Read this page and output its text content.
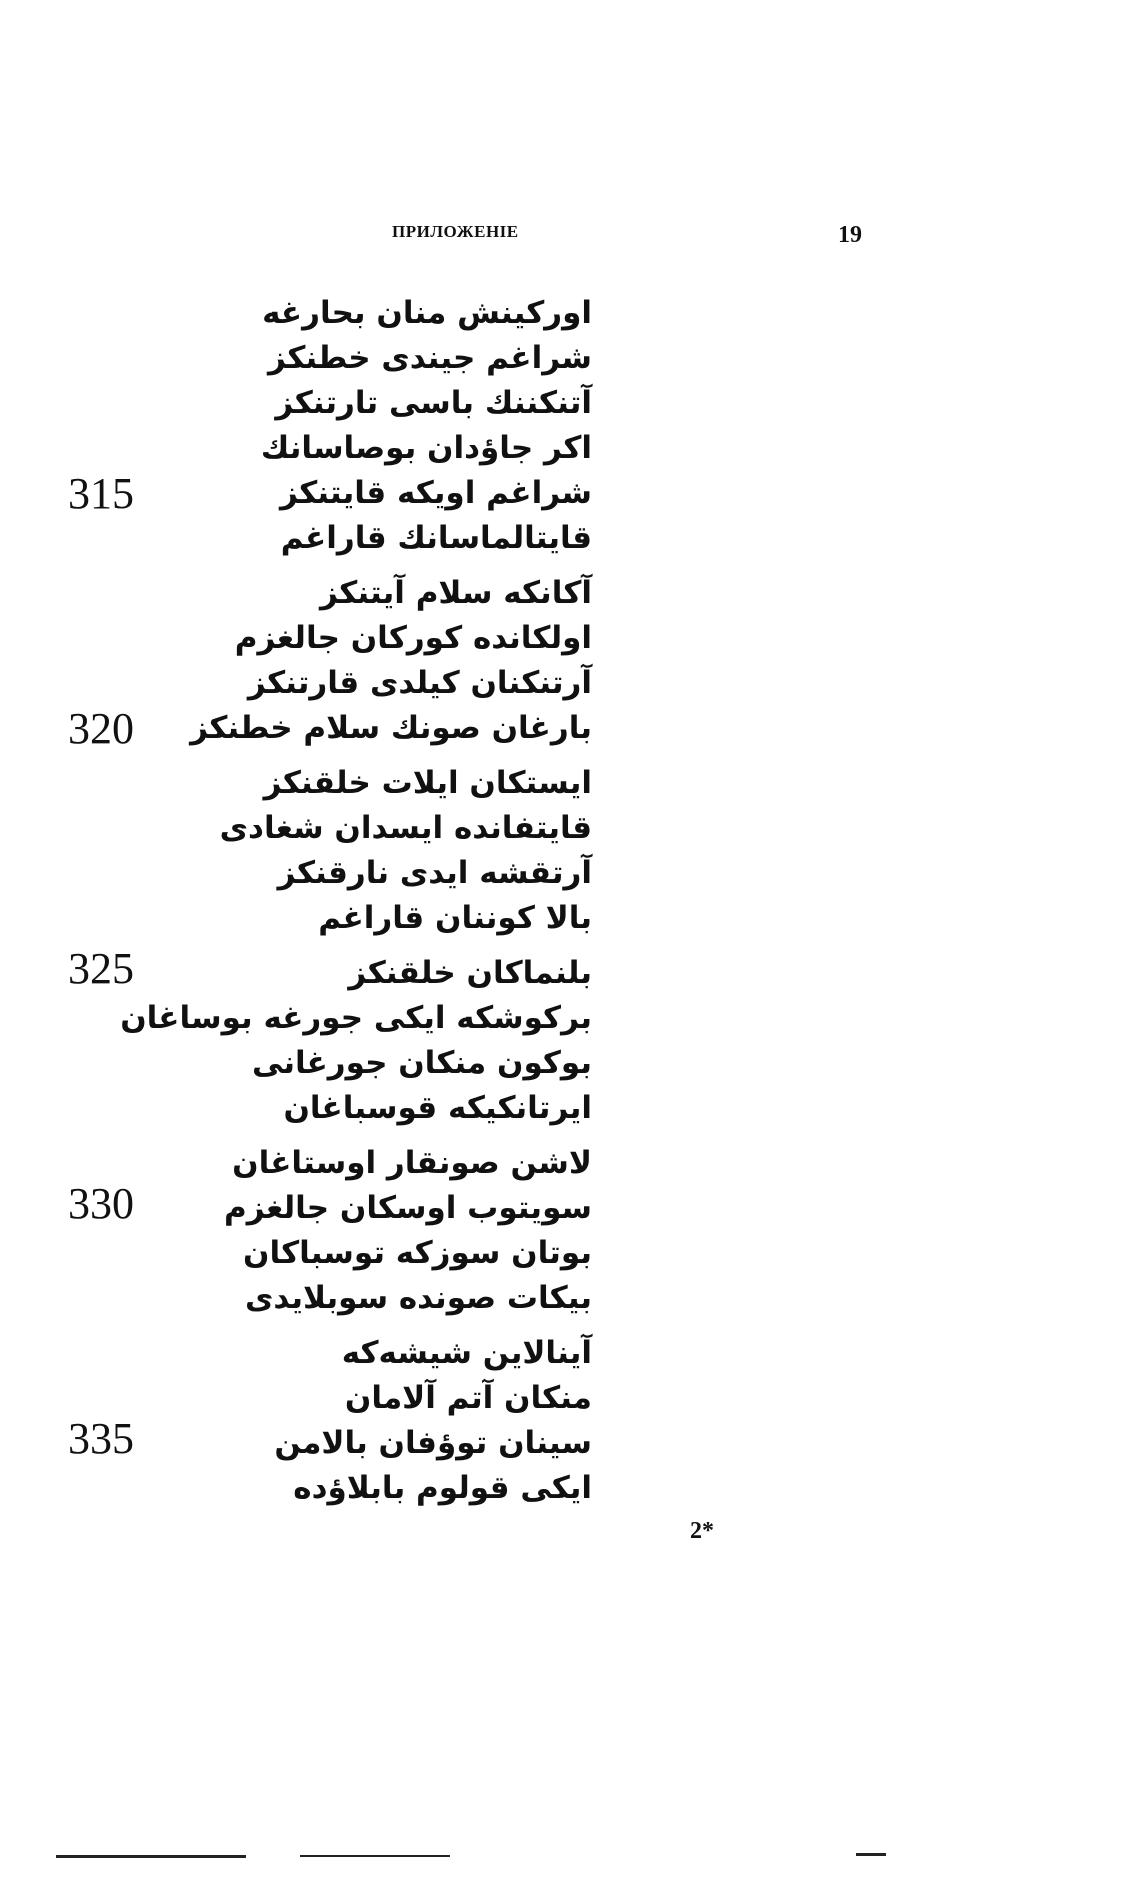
ПРИЛОЖЕНІЕ	19
اورکینش منان بحارغه
شراغم جیندی خطنکز
آتنکننك باسی تارتنکز
اکر جاؤدان بوصاسانك
شراغم اویکه قایتنکز
قایتالماسانك قاراغم
آکانکه سلام آیتنکز
اولکانده کورکان جالغزم
آرتنکنان کیلدی قارتنکز
بارغان صونك سلام خطنکز
ایستکان ایلات خلقنکز
قایتفانده ایسدان شغادی
آرتقشه ایدی نارقنکز
بالا کوننان قاراغم
بلنماکان خلقنکز
برکوشکه ایکی جورغه بوساغان
بوکون منکان جورغانی
ایرتانکیکه قوسباغان
لاشن صونقار اوستاغان
سویتوب اوسکان جالغزم
بوتان سوزکه توسباکان
بیکات صونده سوبلایدی
آینالاین شیشه‌که
منکان آتم آلامان
سینان توؤفان بالامن
ایکی قولوم بابلاؤده
315
320
325
330
335
2*
